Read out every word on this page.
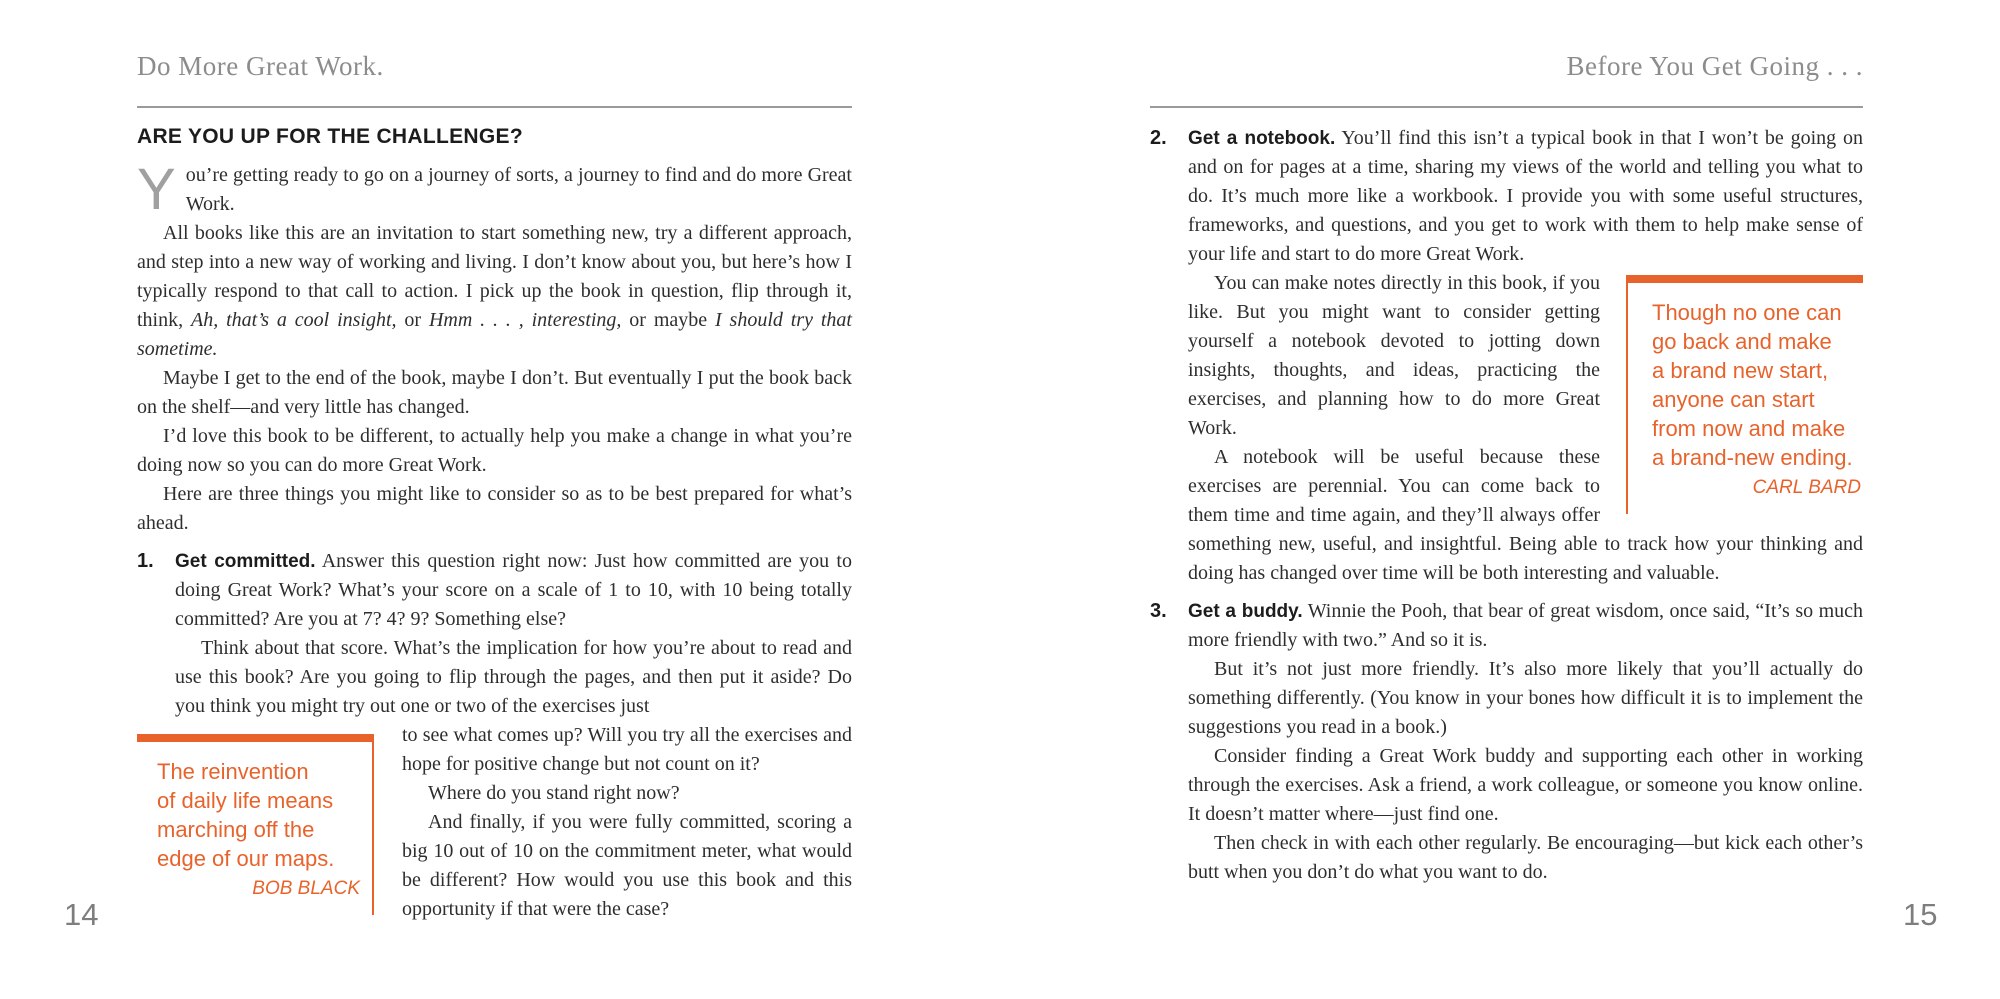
Do More Great Work.
ARE YOU UP FOR THE CHALLENGE?

You’re getting ready to go on a journey of sorts, a journey to find and do more Great Work.

All books like this are an invitation to start something new, try a different approach, and step into a new way of working and living. I don’t know about you, but here’s how I typically respond to that call to action. I pick up the book in question, flip through it, think, Ah, that’s a cool insight, or Hmm . . . , interesting, or maybe I should try that sometime.

Maybe I get to the end of the book, maybe I don’t. But eventually I put the book back on the shelf—and very little has changed.

I’d love this book to be different, to actually help you make a change in what you’re doing now so you can do more Great Work.

Here are three things you might like to consider so as to be best prepared for what’s ahead.

1.	Get committed. Answer this question right now: Just how committed are you to doing Great Work? What’s your score on a scale of 1 to 10, with 10 being totally committed? Are you at 7? 4? 9? Something else?

Think about that score. What’s the implication for how you’re about to read and use this book? Are you going to flip through the pages, and then put it aside? Do you think you might try out one or two of the exercises just

The reinvention
of daily life means
marching off the
edge of our maps.
BOB BLACK

to see what comes up? Will you try all the exercises and hope for positive change but not count on it?

Where do you stand right now?

And finally, if you were fully committed, scoring a big 10 out of 10 on the commitment meter, what would be different? How would you use this book and this opportunity if that were the case?

Before You Get Going . . .
2.	Get a notebook. You’ll find this isn’t a typical book in that I won’t be going on and on for pages at a time, sharing my views of the world and telling you what to do. It’s much more like a workbook. I provide you with some useful structures, frameworks, and questions, and you get to work with them to help make sense of your life and start to do more Great Work.

Though no one can
go back and make
a brand new start,
anyone can start
from now and make
a brand-new ending.
CARL BARD

You can make notes directly in this book, if you like. But you might want to consider getting yourself a notebook devoted to jotting down insights, thoughts, and ideas, practicing the exercises, and planning how to do more Great Work.

A notebook will be useful because these exercises are perennial. You can come back to them time and time again, and they’ll always offer something new, useful, and insightful. Being able to track how your thinking and doing has changed over time will be both interesting and valuable.

3.	Get a buddy. Winnie the Pooh, that bear of great wisdom, once said, “It’s so much more friendly with two.” And so it is.

But it’s not just more friendly. It’s also more likely that you’ll actually do something differently. (You know in your bones how difficult it is to implement the suggestions you read in a book.)

Consider finding a Great Work buddy and supporting each other in working through the exercises. Ask a friend, a work colleague, or someone you know online. It doesn’t matter where—just find one.

Then check in with each other regularly. Be encouraging—but kick each other’s butt when you don’t do what you want to do.

14	15
